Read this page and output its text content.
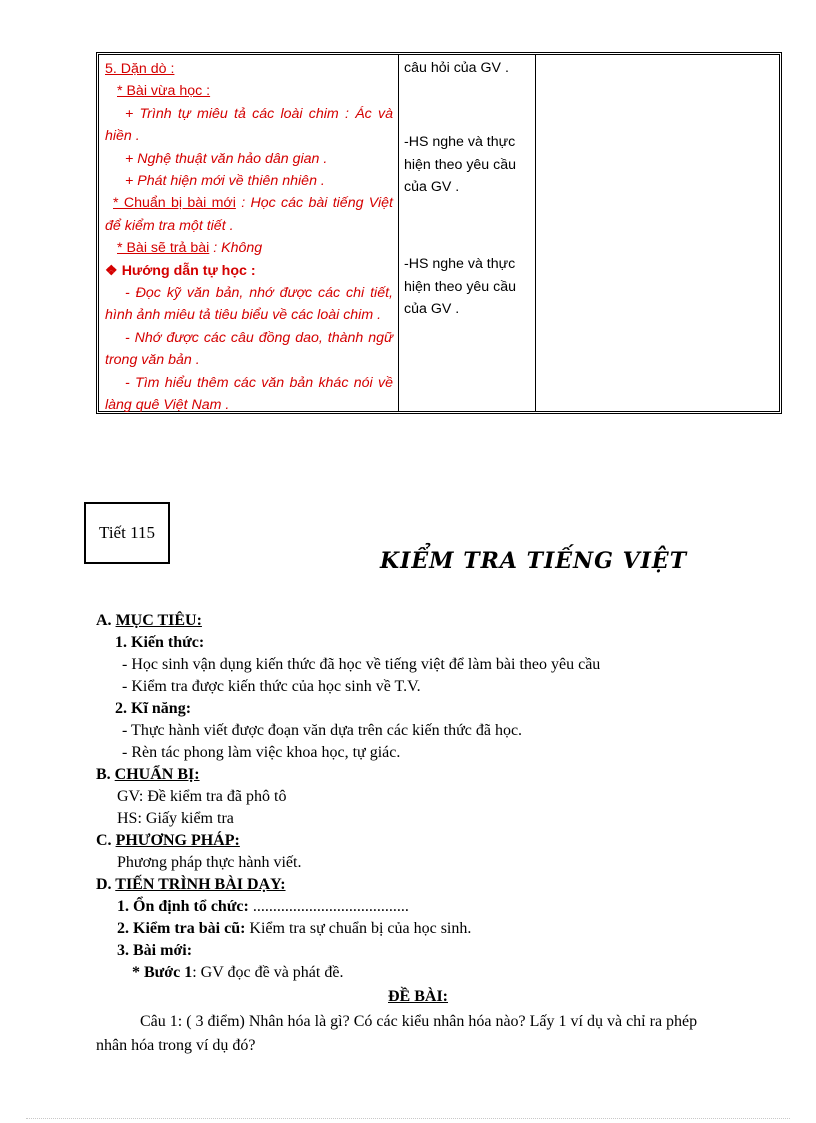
5. Dặn dò :

* Bài vừa học :

+ Trình tự miêu tả các loài chim : Ác và hiền .

+ Nghệ thuật văn hảo dân gian .

+ Phát hiện mới về thiên nhiên .

* Chuẩn bị bài mới : Học các bài tiếng Việt để kiểm tra một tiết .

* Bài sẽ trả bài : Không

❖ Hướng dẫn tự học :

- Đọc kỹ văn bản, nhớ được các chi tiết, hình ảnh miêu tả tiêu biểu về các loài chim .

- Nhớ được các câu đồng dao, thành ngữ trong văn bản .

- Tìm hiểu thêm các văn bản khác nói về làng quê Việt Nam .

câu hỏi của GV .
-HS nghe và thực hiện theo yêu cầu của GV .
-HS nghe và thực hiện theo yêu cầu của GV .
Tiết 115
KIỂM TRA TIẾNG VIỆT
A. MỤC TIÊU:
1. Kiến thức:
- Học sinh vận dụng kiến thức đã học về tiếng việt để làm bài theo yêu cầu
- Kiểm tra được kiến thức của học sinh về T.V.
2. Kĩ năng:
- Thực hành viết được đoạn văn dựa trên các kiến thức đã học.
- Rèn tác phong làm việc khoa học, tự giác.
B. CHUẨN BỊ:
GV: Đề kiểm tra đã phô tô
HS: Giấy kiểm tra
C. PHƯƠNG PHÁP:
Phương pháp thực hành viết.
D. TIẾN TRÌNH BÀI DẠY:
1. Ổn định tổ chức: .......................................
2. Kiểm tra bài cũ: Kiểm tra sự chuẩn bị của học sinh.
3. Bài mới:
* Bước 1: GV đọc đề và phát đề.
ĐỀ BÀI:
Câu 1: ( 3 điểm) Nhân hóa là gì? Có các kiểu nhân hóa nào? Lấy 1 ví dụ và chỉ ra phép nhân hóa trong ví dụ đó?
